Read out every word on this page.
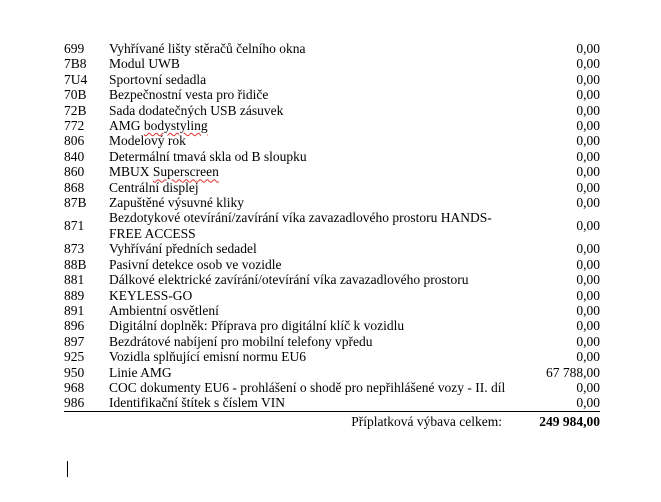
699	Vyhřívané lišty stěračů čelního okna	0,00
7B8	Modul UWB	0,00
7U4	Sportovní sedadla	0,00
70B	Bezpečnostní vesta pro řidiče	0,00
72B	Sada dodatečných USB zásuvek	0,00
772	AMG bodystyling	0,00
806	Modelový rok	0,00
840	Determální tmavá skla od B sloupku	0,00
860	MBUX Superscreen	0,00
868	Centrální displej	0,00
87B	Zapuštěné výsuvné kliky	0,00
871	Bezdotykové otevírání/zavírání víka zavazadlového prostoru HANDS-FREE ACCESS	0,00
873	Vyhřívání předních sedadel	0,00
88B	Pasivní detekce osob ve vozidle	0,00
881	Dálkové elektrické zavírání/otevírání víka zavazadlového prostoru	0,00
889	KEYLESS-GO	0,00
891	Ambientní osvětlení	0,00
896	Digitální doplněk: Příprava pro digitální klíč k vozidlu	0,00
897	Bezdrátové nabíjení pro mobilní telefony vpředu	0,00
925	Vozidla splňující emisní normu EU6	0,00
950	Linie AMG	67 788,00
968	COC dokumenty EU6 - prohlášení o shodě pro nepřihlášené vozy - II. díl	0,00
986	Identifikační štítek s číslem VIN	0,00
	Příplatková výbava celkem:	249 984,00
